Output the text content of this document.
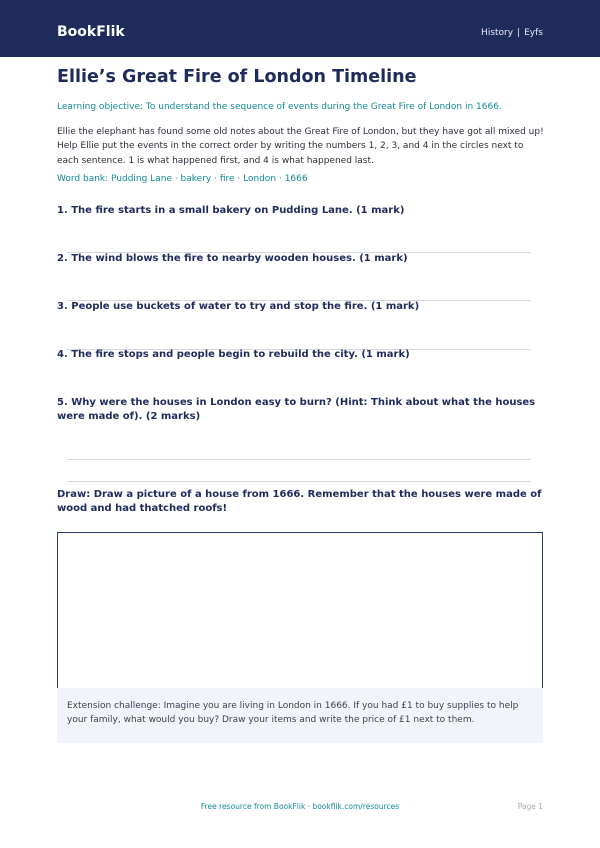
BookFlik	History | Eyfs
Ellie’s Great Fire of London Timeline
Learning objective: To understand the sequence of events during the Great Fire of London in 1666.
Ellie the elephant has found some old notes about the Great Fire of London, but they have got all mixed up! Help Ellie put the events in the correct order by writing the numbers 1, 2, 3, and 4 in the circles next to each sentence. 1 is what happened first, and 4 is what happened last.
Word bank: Pudding Lane · bakery · fire · London · 1666

1. The fire starts in a small bakery on Pudding Lane. (1 mark)

2. The wind blows the fire to nearby wooden houses. (1 mark)

3. People use buckets of water to try and stop the fire. (1 mark)

4. The fire stops and people begin to rebuild the city. (1 mark)

5. Why were the houses in London easy to burn? (Hint: Think about what the houses were made of). (2 marks)

Draw: Draw a picture of a house from 1666. Remember that the houses were made of wood and had thatched roofs!

Extension challenge: Imagine you are living in London in 1666. If you had £1 to buy supplies to help your family, what would you buy? Draw your items and write the price of £1 next to them.
Free resource from BookFlik · bookflik.com/resources	Page 1
